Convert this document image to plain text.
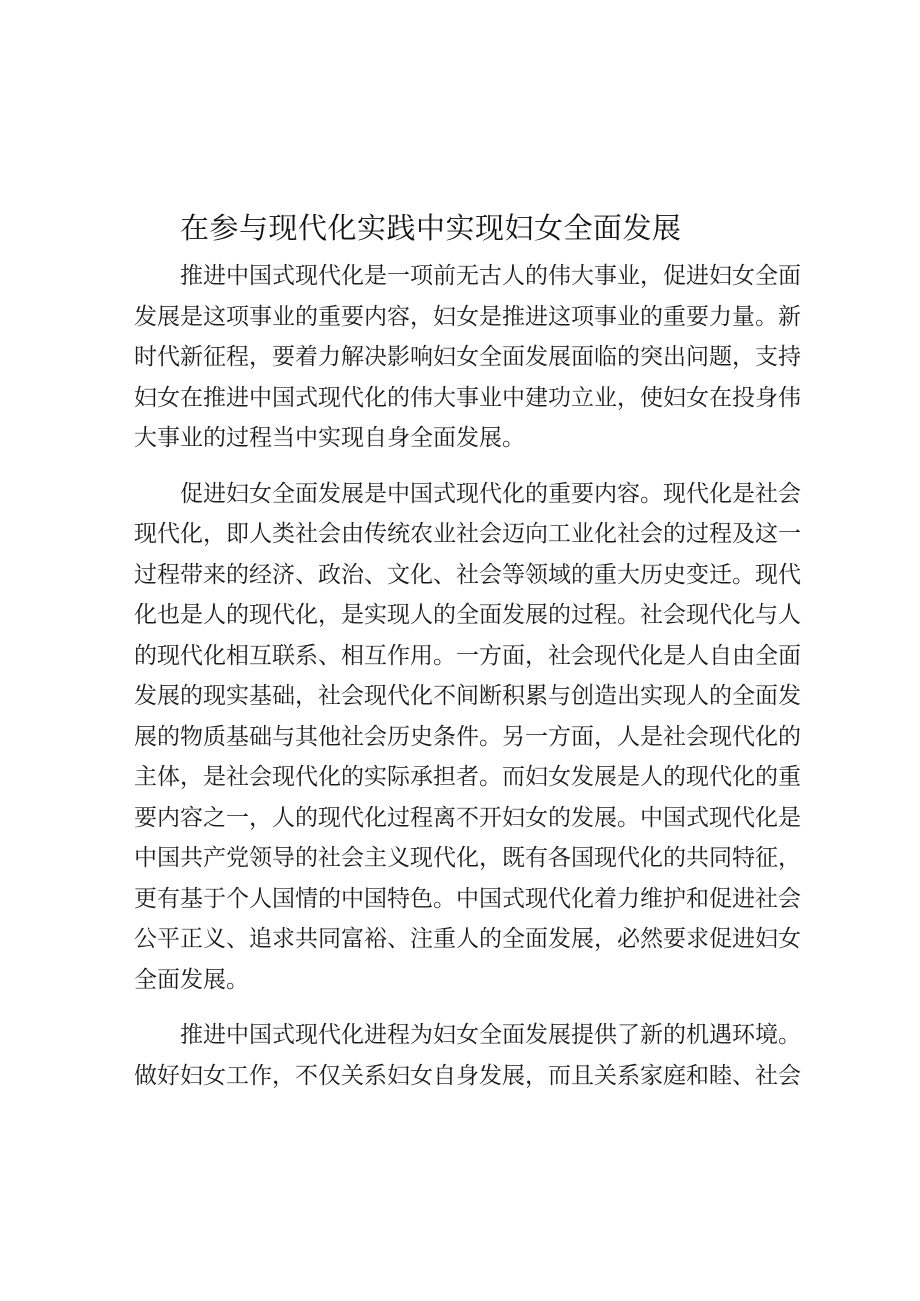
在参与现代化实践中实现妇女全面发展

推进中国式现代化是一项前无古人的伟大事业，促进妇女全面发展是这项事业的重要内容，妇女是推进这项事业的重要力量。新时代新征程，要着力解决影响妇女全面发展面临的突出问题，支持妇女在推进中国式现代化的伟大事业中建功立业，使妇女在投身伟大事业的过程当中实现自身全面发展。

促进妇女全面发展是中国式现代化的重要内容。现代化是社会现代化，即人类社会由传统农业社会迈向工业化社会的过程及这一过程带来的经济、政治、文化、社会等领域的重大历史变迁。现代化也是人的现代化，是实现人的全面发展的过程。社会现代化与人的现代化相互联系、相互作用。一方面，社会现代化是人自由全面发展的现实基础，社会现代化不间断积累与创造出实现人的全面发展的物质基础与其他社会历史条件。另一方面，人是社会现代化的主体，是社会现代化的实际承担者。而妇女发展是人的现代化的重要内容之一，人的现代化过程离不开妇女的发展。中国式现代化是中国共产党领导的社会主义现代化，既有各国现代化的共同特征，更有基于个人国情的中国特色。中国式现代化着力维护和促进社会公平正义、追求共同富裕、注重人的全面发展，必然要求促进妇女全面发展。

推进中国式现代化进程为妇女全面发展提供了新的机遇环境。做好妇女工作，不仅关系妇女自身发展，而且关系家庭和睦、社会
